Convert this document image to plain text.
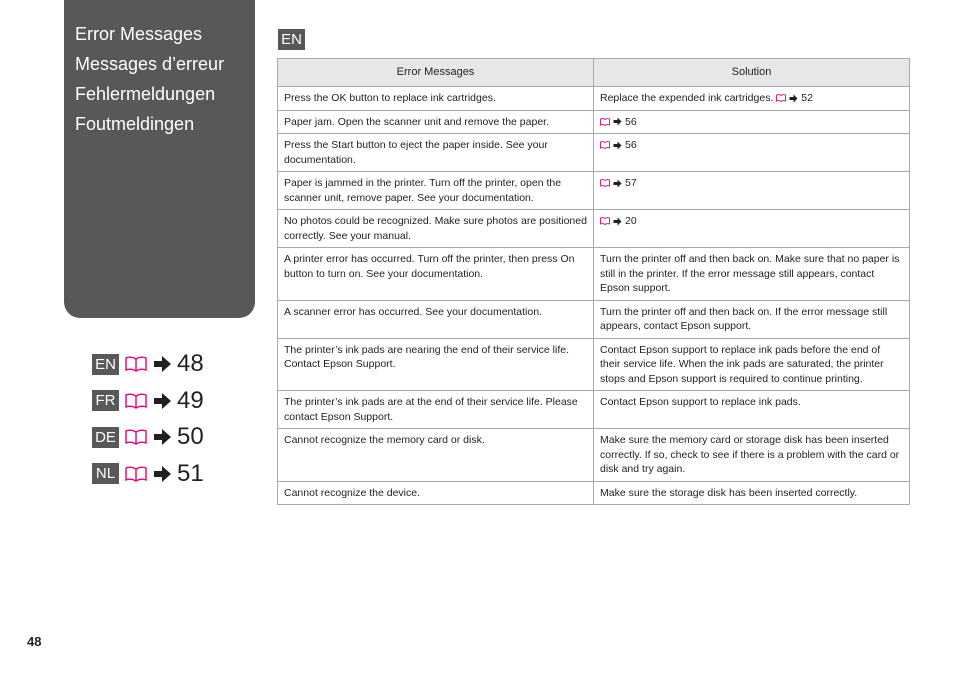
Error Messages
Messages d’erreur
Fehlermeldungen
Foutmeldingen
EN	48
FR	49
DE	50
NL	51
EN
Error Messages	Solution
Press the OK button to replace ink cartridges.	Replace the expended ink cartridges. 52
Paper jam. Open the scanner unit and remove the paper.	56
Press the Start button to eject the paper inside. See your documentation.	56
Paper is jammed in the printer. Turn off the printer, open the scanner unit, remove paper. See your documentation.	57
No photos could be recognized. Make sure photos are positioned correctly. See your manual.	20
A printer error has occurred. Turn off the printer, then press On button to turn on. See your documentation.	Turn the printer off and then back on. Make sure that no paper is still in the printer. If the error message still appears, contact Epson support.
A scanner error has occurred. See your documentation.	Turn the printer off and then back on. If the error message still appears, contact Epson support.
The printer’s ink pads are nearing the end of their service life. Contact Epson Support.	Contact Epson support to replace ink pads before the end of their service life. When the ink pads are saturated, the printer stops and Epson support is required to continue printing.
The printer’s ink pads are at the end of their service life. Please contact Epson Support.	Contact Epson support to replace ink pads.
Cannot recognize the memory card or disk.	Make sure the memory card or storage disk has been inserted correctly. If so, check to see if there is a problem with the card or disk and try again.
Cannot recognize the device.	Make sure the storage disk has been inserted correctly.
48
